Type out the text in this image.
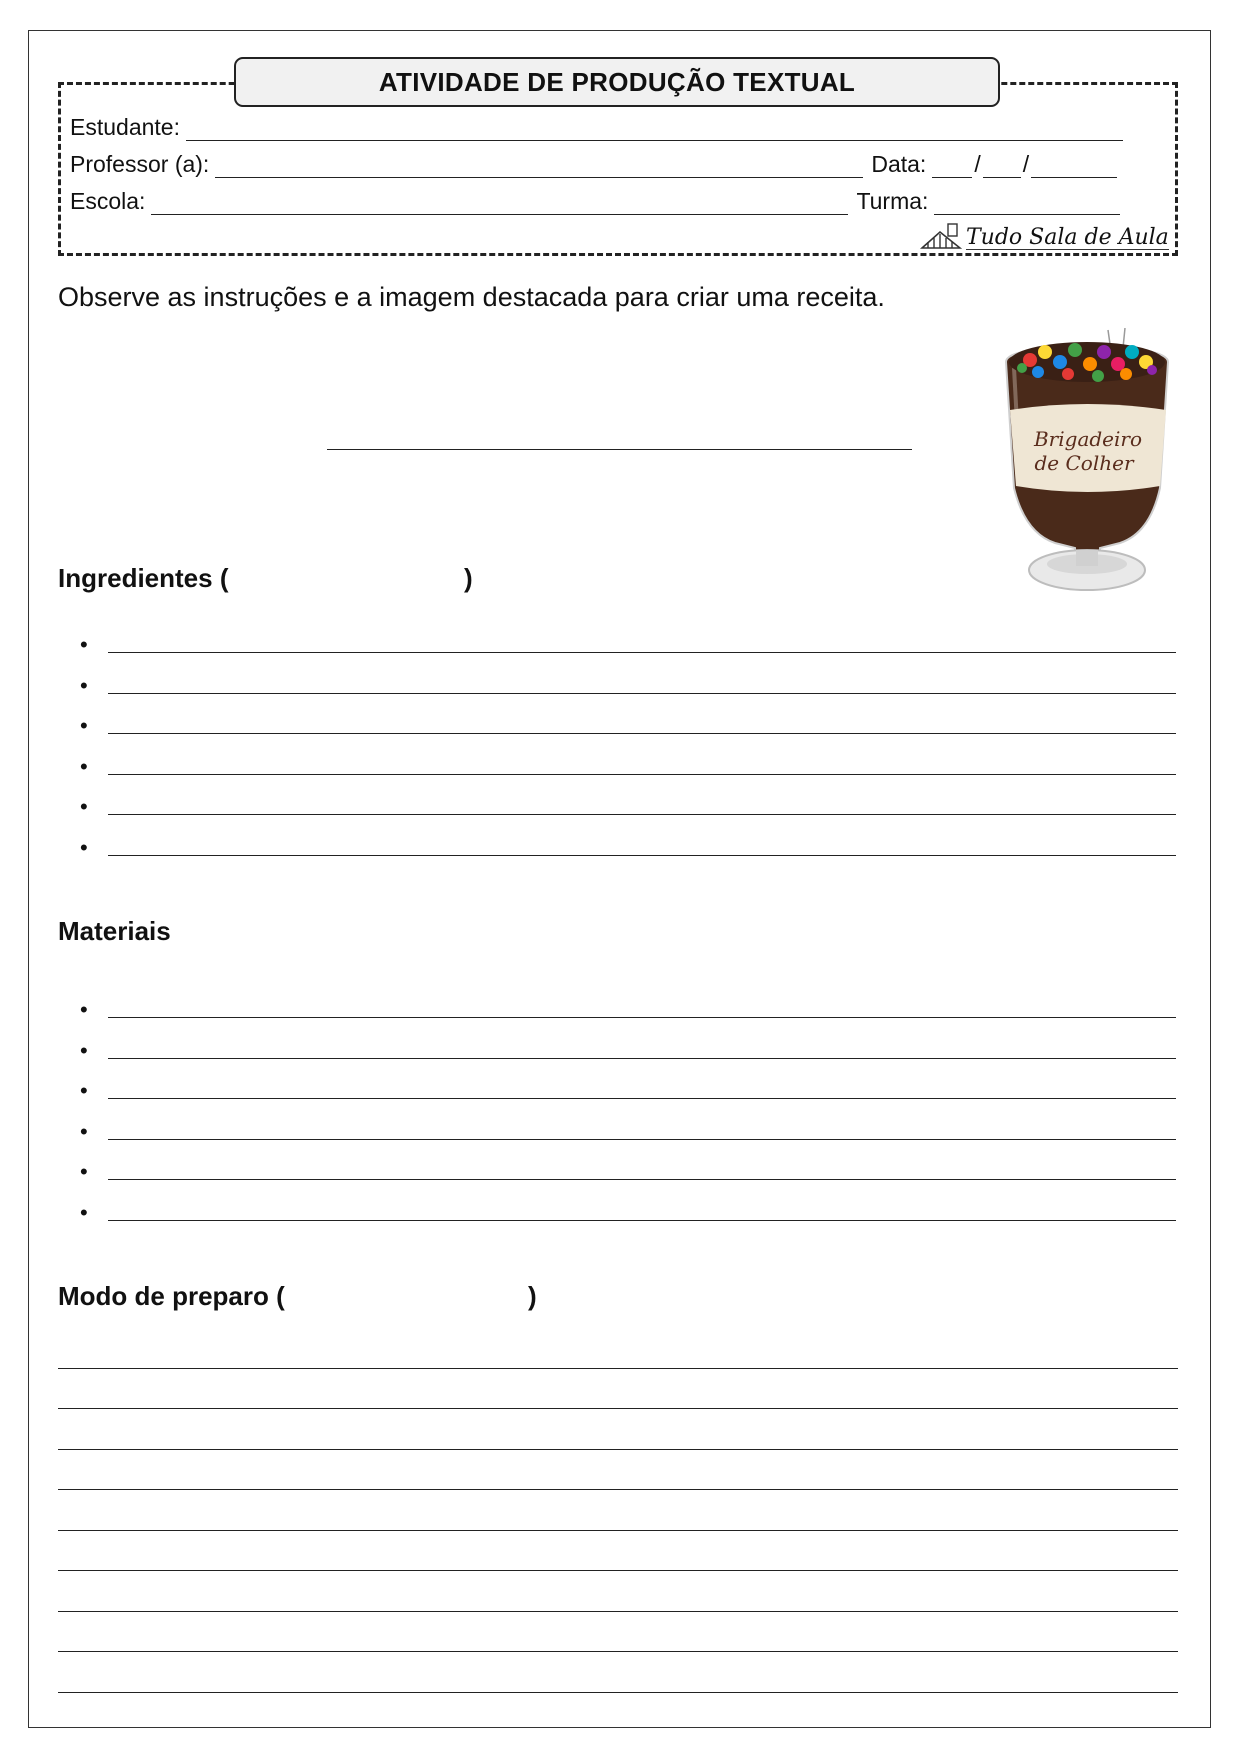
ATIVIDADE DE PRODUÇÃO TEXTUAL
Estudante:
Professor (a):	Data: / /
Escola:	Turma:
Tudo Sala de Aula
Observe as instruções e a imagem destacada para criar uma receita.
Brigadeiro
de Colher
Ingredientes (	)
•
•
•
•
•
•
Materiais
•
•
•
•
•
•
Modo de preparo (	)
